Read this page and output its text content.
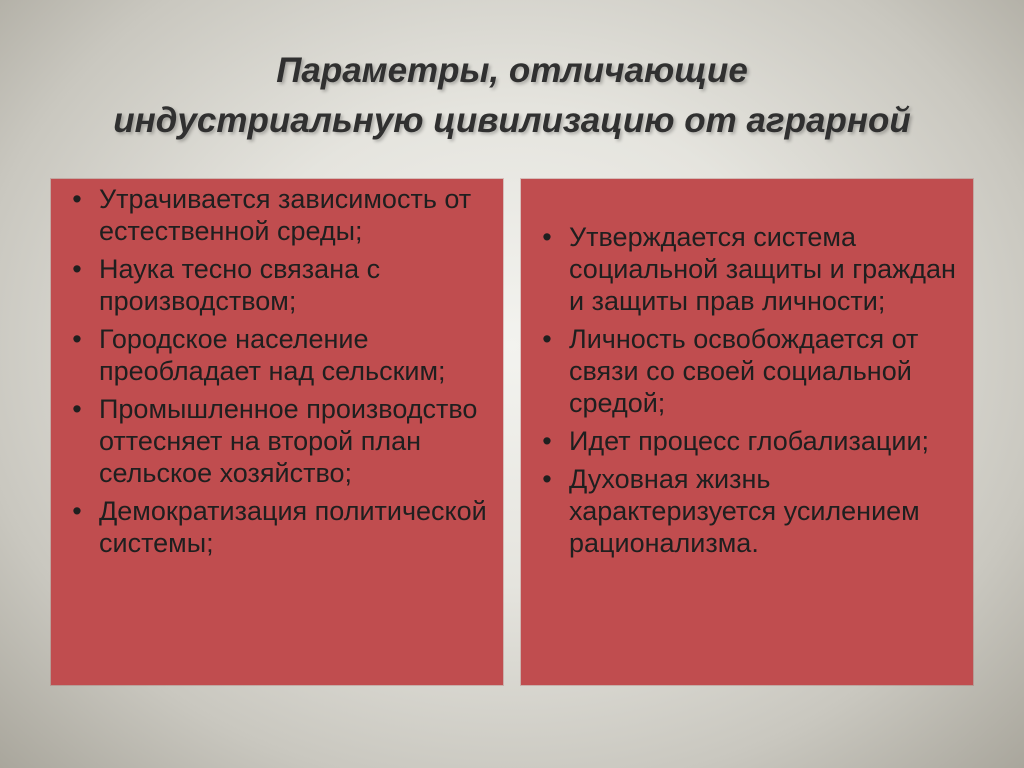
Параметры, отличающие
индустриальную цивилизацию от аграрной
• Утрачивается зависимость от естественной среды;
• Наука тесно связана с производством;
• Городское население преобладает над сельским;
• Промышленное производство оттесняет на второй план сельское хозяйство;
• Демократизация политической системы;
• Утверждается система социальной защиты и граждан и защиты прав личности;
• Личность освобождается от связи со своей социальной средой;
• Идет процесс глобализации;
• Духовная жизнь характеризуется усилением рационализма.
